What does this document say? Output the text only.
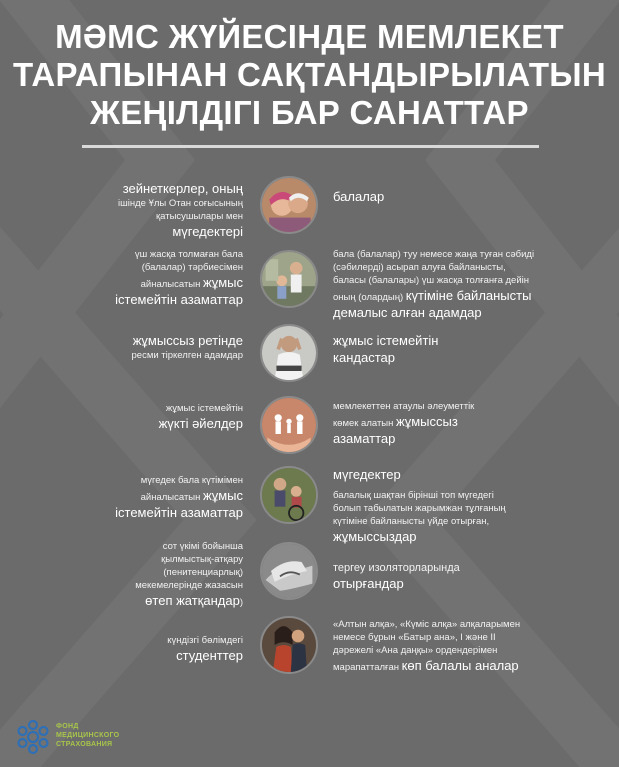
МӘМС ЖҮЙЕСІНДЕ МЕМЛЕКЕТ
ТАРАПЫНАН САҚТАНДЫРЫЛАТЫН
ЖЕҢІЛДІГІ БАР САНАТТАР
зейнеткерлер, оның
ішінде Ұлы Отан соғысының
қатысушылары мен
мүгедектері
балалар
үш жасқа толмаған бала
(балалар) тәрбиесімен
айналысатын жұмыс
істемейтін азаматтар
бала (балалар) туу немесе жаңа туған сәбиді
(сәбилерді) асырап алуға байланысты,
баласы (балалары) үш жасқа толғанға дейін
оның (олардың) күтіміне байланысты
демалыс алған адамдар
жұмыссыз ретінде
ресми тіркелген адамдар
жұмыс істемейтін
кандастар
жұмыс істемейтін
жүкті әйелдер
мемлекеттен атаулы әлеуметтік
көмек алатын жұмыссыз
азаматтар
мүгедек бала күтімімен
айналысатын жұмыс
істемейтін азаматтар
мүгедектер
балалық шақтан бірінші топ мүгедегі
болып табылатын жарымжан тұлғаның
күтіміне байланысты үйде отырған,
жұмыссыздар
сот үкімі бойынша
қылмыстық-атқару
(пенитенциарлық)
мекемелерінде жазасын
өтеп жатқандар)
тергеу изоляторларында
отырғандар
күндізгі бөлімдегі
студенттер
«Алтын алқа», «Күміс алқа» алқаларымен
немесе бұрын «Батыр ана», І және ІІ
дәрежелі «Ана даңқы» ордендерімен
марапатталған көп балалы аналар
ФОНД
МЕДИЦИНСКОГО
СТРАХОВАНИЯ
